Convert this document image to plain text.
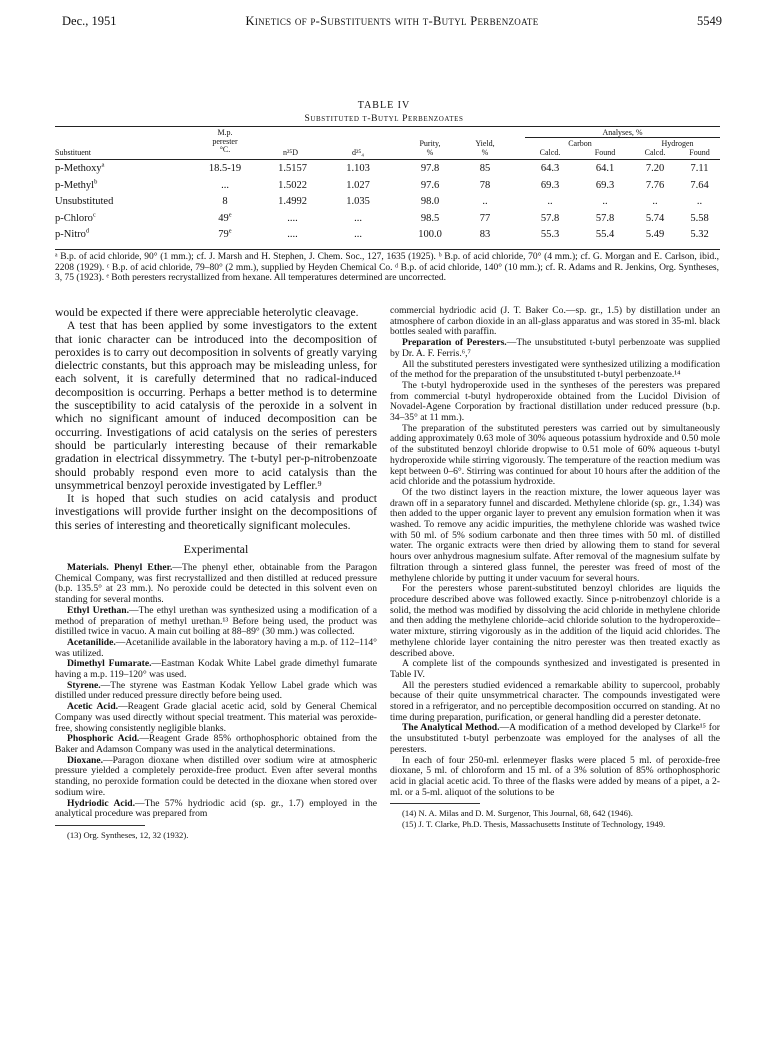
Dec., 1951	Kinetics of p-Substituents with t-Butyl Perbenzoate	5549
TABLE IV
Substituted t-Butyl Perbenzoates
M.p.
perester
°C.
Substituent	n²⁵D	d²⁵₄
Purity,
%
Yield,
%
Analyses, %
Carbon	Hydrogen
Calcd.	Found	Calcd.	Found
p-Methoxy$^a$	18.5-19	1.5157	1.103	97.8	85	64.3	64.1	7.20	7.11
p-Methyl$^b$	...	1.5022	1.027	97.6	78	69.3	69.3	7.76	7.64
Unsubstituted	8	1.4992	1.035	98.0	..	..	..	..	..
p-Chloro$^c$	49e	....	...	98.5	77	57.8	57.8	5.74	5.58
p-Nitro$^d$	79e	....	...	100.0	83	55.3	55.4	5.49	5.32
ᵃ B.p. of acid chloride, 90° (1 mm.); cf. J. Marsh and H. Stephen, J. Chem. Soc., 127, 1635 (1925). ᵇ B.p. of acid chloride, 70° (4 mm.); cf. G. Morgan and E. Carlson, ibid., 2208 (1929). ᶜ B.p. of acid chloride, 79–80° (2 mm.), supplied by Heyden Chemical Co. ᵈ B.p. of acid chloride, 140° (10 mm.); cf. R. Adams and R. Jenkins, Org. Syntheses, 3, 75 (1923). ᵉ Both peresters recrystallized from hexane. All temperatures determined are uncorrected.

would be expected if there were appreciable heterolytic cleavage.

A test that has been applied by some investigators to the extent that ionic character can be introduced into the decomposition of peroxides is to carry out decomposition in solvents of greatly varying dielectric constants, but this approach may be misleading unless, for each solvent, it is carefully determined that no radical-induced decomposition is occurring. Perhaps a better method is to determine the susceptibility to acid catalysis of the peroxide in a solvent in which no significant amount of induced decomposition can be occurring. Investigations of acid catalysis on the series of peresters should be particularly interesting because of their remarkable gradation in electrical dissymmetry. The t-butyl per-p-nitrobenzoate should probably respond even more to acid catalysis than the unsymmetrical benzoyl peroxide investigated by Leffler.⁹

It is hoped that such studies on acid catalysis and product investigations will provide further insight on the decompositions of this series of interesting and theoretically significant molecules.

Experimental

Materials. Phenyl Ether.—The phenyl ether, obtainable from the Paragon Chemical Company, was first recrystallized and then distilled at reduced pressure (b.p. 135.5° at 23 mm.). No peroxide could be detected in this solvent even on standing for several months.

Ethyl Urethan.—The ethyl urethan was synthesized using a modification of a method of preparation of methyl urethan.¹³ Before being used, the product was distilled twice in vacuo. A main cut boiling at 88–89° (30 mm.) was collected.

Acetanilide.—Acetanilide available in the laboratory having a m.p. of 112–114° was utilized.

Dimethyl Fumarate.—Eastman Kodak White Label grade dimethyl fumarate having a m.p. 119–120° was used.

Styrene.—The styrene was Eastman Kodak Yellow Label grade which was distilled under reduced pressure directly before being used.

Acetic Acid.—Reagent Grade glacial acetic acid, sold by General Chemical Company was used directly without special treatment. This material was peroxide-free, showing consistently negligible blanks.

Phosphoric Acid.—Reagent Grade 85% orthophosphoric obtained from the Baker and Adamson Company was used in the analytical determinations.

Dioxane.—Paragon dioxane when distilled over sodium wire at atmospheric pressure yielded a completely peroxide-free product. Even after several months standing, no peroxide formation could be detected in the dioxane when stored over sodium wire.

Hydriodic Acid.—The 57% hydriodic acid (sp. gr., 1.7) employed in the analytical procedure was prepared from

(13) Org. Syntheses, 12, 32 (1932).

commercial hydriodic acid (J. T. Baker Co.—sp. gr., 1.5) by distillation under an atmosphere of carbon dioxide in an all-glass apparatus and was stored in 35-ml. black bottles sealed with paraffin.

Preparation of Peresters.—The unsubstituted t-butyl perbenzoate was supplied by Dr. A. F. Ferris.⁶,⁷

All the substituted peresters investigated were synthesized utilizing a modification of the method for the preparation of the unsubstituted t-butyl perbenzoate.¹⁴

The t-butyl hydroperoxide used in the syntheses of the peresters was prepared from commercial t-butyl hydroperoxide obtained from the Lucidol Division of Novadel-Agene Corporation by fractional distillation under reduced pressure (b.p. 34–35° at 11 mm.).

The preparation of the substituted peresters was carried out by simultaneously adding approximately 0.63 mole of 30% aqueous potassium hydroxide and 0.50 mole of the substituted benzoyl chloride dropwise to 0.51 mole of 60% aqueous t-butyl hydroperoxide while stirring vigorously. The temperature of the reaction medium was kept between 0–6°. Stirring was continued for about 10 hours after the addition of the acid chloride and the potassium hydroxide.

Of the two distinct layers in the reaction mixture, the lower aqueous layer was drawn off in a separatory funnel and discarded. Methylene chloride (sp. gr., 1.34) was then added to the upper organic layer to prevent any emulsion formation when it was washed. To remove any acidic impurities, the methylene chloride was washed twice with 50 ml. of 5% sodium carbonate and then three times with 50 ml. of distilled water. The organic extracts were then dried by allowing them to stand for several hours over anhydrous magnesium sulfate. After removal of the magnesium sulfate by filtration through a sintered glass funnel, the perester was freed of most of the methylene chloride by putting it under vacuum for several hours.

For the peresters whose parent-substituted benzoyl chlorides are liquids the procedure described above was followed exactly. Since p-nitrobenzoyl chloride is a solid, the method was modified by dissolving the acid chloride in methylene chloride and then adding the methylene chloride–acid chloride solution to the hydroperoxide–water mixture, stirring vigorously as in the addition of the liquid acid chlorides. The methylene chloride layer containing the nitro perester was then treated exactly as described above.

A complete list of the compounds synthesized and investigated is presented in Table IV.

All the peresters studied evidenced a remarkable ability to supercool, probably because of their quite unsymmetrical character. The compounds investigated were stored in a refrigerator, and no perceptible decomposition occurred on standing. At no time during preparation, purification, or general handling did a perester detonate.

The Analytical Method.—A modification of a method developed by Clarke¹⁵ for the unsubstituted t-butyl perbenzoate was employed for the analyses of all the peresters.

In each of four 250-ml. erlenmeyer flasks were placed 5 ml. of peroxide-free dioxane, 5 ml. of chloroform and 15 ml. of a 3% solution of 85% orthophosphoric acid in glacial acetic acid. To three of the flasks were added by means of a pipet, a 2-ml. or a 5-ml. aliquot of the solutions to be

(14) N. A. Milas and D. M. Surgenor, This Journal, 68, 642 (1946).

(15) J. T. Clarke, Ph.D. Thesis, Massachusetts Institute of Technology, 1949.
